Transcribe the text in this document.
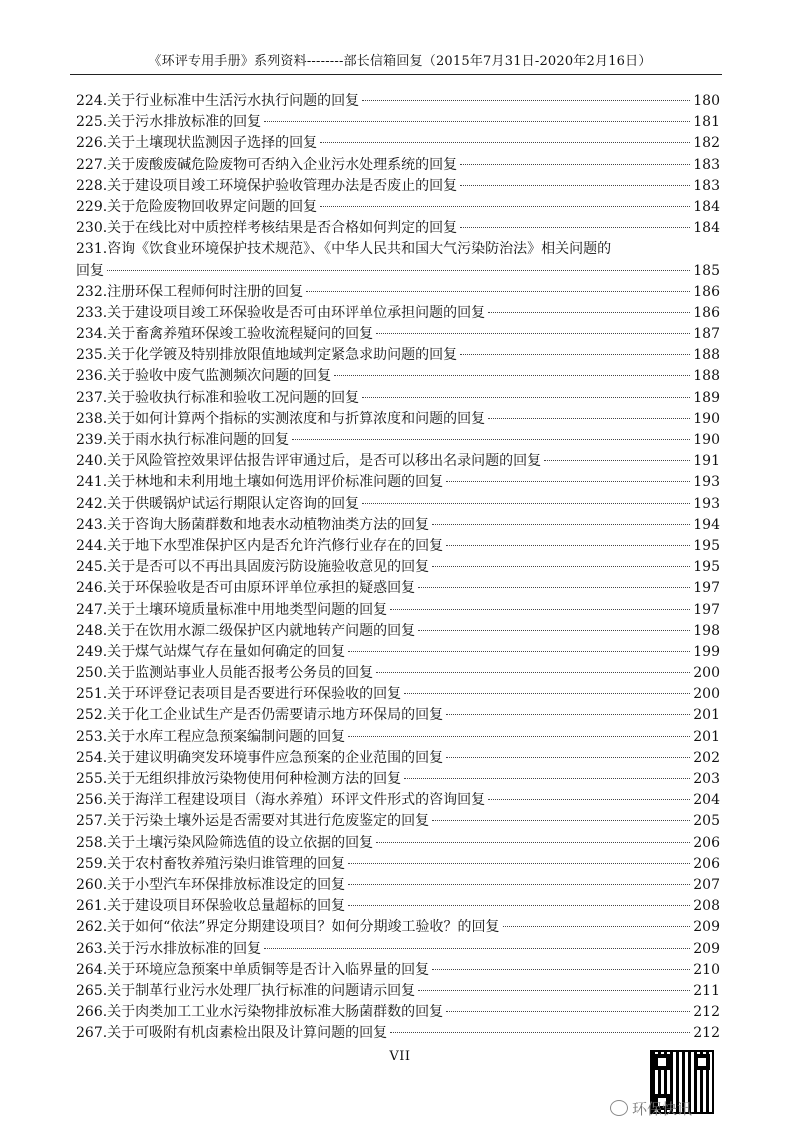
《环评专用手册》系列资料--------部长信箱回复（2015年7月31日-2020年2月16日）
224. 关于行业标准中生活污水执行问题的回复	180
225. 关于污水排放标准的回复	181
226. 关于土壤现状监测因子选择的回复	182
227. 关于废酸废碱危险废物可否纳入企业污水处理系统的回复	183
228. 关于建设项目竣工环境保护验收管理办法是否废止的回复	183
229. 关于危险废物回收界定问题的回复	184
230. 关于在线比对中质控样考核结果是否合格如何判定的回复	184
231.咨询《饮食业环境保护技术规范》、《中华人民共和国大气污染防治法》相关问题的
回复	185
232. 注册环保工程师何时注册的回复	186
233. 关于建设项目竣工环保验收是否可由环评单位承担问题的回复	186
234. 关于畜禽养殖环保竣工验收流程疑问的回复	187
235. 关于化学镀及特别排放限值地域判定紧急求助问题的回复	188
236. 关于验收中废气监测频次问题的回复	188
237. 关于验收执行标准和验收工况问题的回复	189
238. 关于如何计算两个指标的实测浓度和与折算浓度和问题的回复	190
239. 关于雨水执行标准问题的回复	190
240. 关于风险管控效果评估报告评审通过后，是否可以移出名录问题的回复	191
241. 关于林地和未利用地土壤如何选用评价标准问题的回复	193
242. 关于供暖锅炉试运行期限认定咨询的回复	193
243. 关于咨询大肠菌群数和地表水动植物油类方法的回复	194
244. 关于地下水型准保护区内是否允许汽修行业存在的回复	195
245. 关于是否可以不再出具固废污防设施验收意见的回复	195
246. 关于环保验收是否可由原环评单位承担的疑惑回复	197
247. 关于土壤环境质量标准中用地类型问题的回复	197
248. 关于在饮用水源二级保护区内就地转产问题的回复	198
249. 关于煤气站煤气存在量如何确定的回复	199
250. 关于监测站事业人员能否报考公务员的回复	200
251. 关于环评登记表项目是否要进行环保验收的回复	200
252. 关于化工企业试生产是否仍需要请示地方环保局的回复	201
253. 关于水库工程应急预案编制问题的回复	201
254. 关于建议明确突发环境事件应急预案的企业范围的回复	202
255. 关于无组织排放污染物使用何种检测方法的回复	203
256. 关于海洋工程建设项目（海水养殖）环评文件形式的咨询回复	204
257. 关于污染土壤外运是否需要对其进行危废鉴定的回复	205
258. 关于土壤污染风险筛选值的设立依据的回复	206
259. 关于农村畜牧养殖污染归谁管理的回复	206
260. 关于小型汽车环保排放标准设定的回复	207
261. 关于建设项目环保验收总量超标的回复	208
262. 关于如何“依法”界定分期建设项目？如何分期竣工验收？的回复	209
263. 关于污水排放标准的回复	209
264. 关于环境应急预案中单质铜等是否计入临界量的回复	210
265. 关于制革行业污水处理厂执行标准的问题请示回复	211
266. 关于肉类加工工业水污染物排放标准大肠菌群数的回复	212
267. 关于可吸附有机卤素检出限及计算问题的回复	212
VII
环保快讯
